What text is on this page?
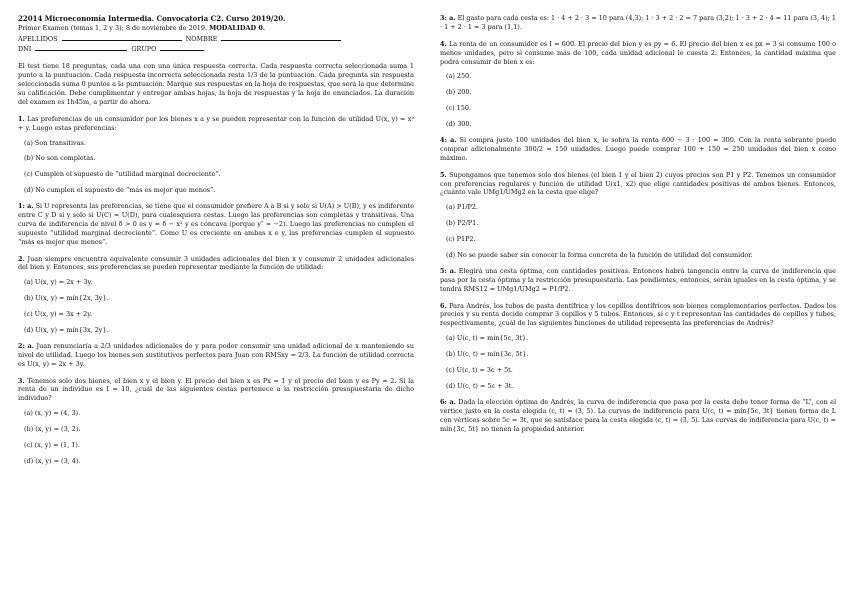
22014 Microeconomía Intermedia. Convocatoria C2. Curso 2019/20.

Primer Examen (temas 1, 2 y 3); 8 de noviembre de 2019. MODALIDAD 0.

APELLIDOS	NOMBRE

DNI	GRUPO

El test tiene 18 preguntas, cada una con una única respuesta correcta. Cada respuesta correcta seleccionada suma 1 punto a la puntuación. Cada respuesta incorrecta seleccionada resta 1/3 de la puntuación. Cada pregunta sin respuesta seleccionada suma 0 puntos a la puntuación. Marque sus respuestas en la hoja de respuestas, que será la que determine su calificación. Debe cumplimentar y entregar ambas hojas, la hoja de respuestas y la hoja de enunciados. La duración del examen es 1h45m, a partir de ahora.

1. Las preferencias de un consumidor por los bienes x a y se pueden representar con la función de utilidad U(x, y) = x² + y. Luego estas preferencias:

(a) Son transitivas.
(b) No son completas.
(c) Cumplen el supuesto de “utilidad marginal decreciente”.
(d) No cumplen el supuesto de “más es mejor que menos”.

1: a. Si U representa las preferencias, se tiene que el consumidor prefiere A a B si y solo si U(A) > U(B), y es indiferente entre C y D si y solo si U(C) = U(D), para cualesquiera cestas. Luego las preferencias son completas y transitivas. Una curva de indiferencia de nivel δ > 0 es y = δ − x² y es cóncava (porque y″ = −2). Luego las preferencias no cumplen el supuesto “utilidad marginal decreciente”. Como U es creciente en ambas x e y, las preferencias cumplen el supuesto “más es mejor que menos”.

2. Juan siempre encuentra equivalente consumir 3 unidades adicionales del bien x y consumir 2 unidades adicionales del bien y. Entonces, sus preferencias se pueden representar mediante la función de utilidad:

(a) U(x, y) = 2x + 3y.
(b) U(x, y) = mín{2x, 3y}.
(c) U(x, y) = 3x + 2y.
(d) U(x, y) = mín{3x, 2y}.

2: a. Juan renunciaría a 2/3 unidades adicionales de y para poder consumir una unidad adicional de x manteniendo su nivel de utilidad. Luego los bienes son sustitutivos perfectos para Juan con RMSxy = 2/3. La función de utilidad correcta es U(x, y) = 2x + 3y.

3. Tenemos solo dos bienes, el bien x y el bien y. El precio del bien x es Px = 1 y el precio del bien y es Py = 2. Si la renta de un individuo es I = 10, ¿cuál de las siguientes cestas pertenece a la restricción presupuestaria de dicho individuo?

(a) (x, y) = (4, 3).
(b) (x, y) = (3, 2).
(c) (x, y) = (1, 1).
(d) (x, y) = (3, 4).

3: a. El gasto para cada cesta es: 1 · 4 + 2 · 3 = 10 para (4,3); 1 · 3 + 2 · 2 = 7 para (3,2); 1 · 3 + 2 · 4 = 11 para (3, 4); 1 · 1 + 2 · 1 = 3 para (1,1).

4. La renta de un consumidor es I = 600. El precio del bien y es py = 6. El precio del bien x es px = 3 si consume 100 o menos unidades, pero si consume más de 100, cada unidad adicional le cuesta 2. Entonces, la cantidad máxima que podrá consumir de bien x es:

(a) 250.
(b) 200.
(c) 150.
(d) 300.

4: a. Si compra justo 100 unidades del bien x, le sobra la renta 600 − 3 · 100 = 300. Con la renta sobrante puede comprar adicionalmente 300/2 = 150 unidades. Luego puede comprar 100 + 150 = 250 unidades del bien x como máximo.

5. Supongamos que tenemos solo dos bienes (el bien 1 y el bien 2) cuyos precios son P1 y P2. Tenemos un consumidor con preferencias regulares y función de utilidad U(x1, x2) que elige cantidades positivas de ambos bienes. Entonces, ¿cuánto vale UMg1/UMg2 en la cesta que elige?

(a) P1/P2.
(b) P2/P1.
(c) P1P2.
(d) No se puede saber sin conocer la forma concreta de la función de utilidad del consumidor.

5: a. Elegirá una cesta óptima, con cantidades positivas. Entonces habrá tangencia entre la curva de indiferencia que pasa por la cesta óptima y la restricción presupuestaria. Las pendientes, entonces, serán iguales en la cesta óptima, y se tendrá RMS12 = UMg1/UMg2 = P1/P2.

6. Para Andrés, los tubos de pasta dentífrica y los cepillos dentífricos son bienes complementarios perfectos. Dados los precios y su renta decide comprar 3 cepillos y 5 tubos. Entonces, si c y t representan las cantidades de cepillos y tubos, respectivamente, ¿cuál de las siguientes funciones de utilidad representa las preferencias de Andrés?

(a) U(c, t) = mín{5c, 3t}.
(b) U(c, t) = mín{3c, 5t}.
(c) U(c, t) = 3c + 5t.
(d) U(c, t) = 5c + 3t.

6: a. Dada la elección óptima de Andrés, la curva de indiferencia que pasa por la cesta debe tener forma de “L”, con el vértice justo en la cesta elegida (c, t) = (3, 5). La curvas de indiferencia para U(c, t) = mín{5c, 3t} tienen forma de L con vértices sobre 5c = 3t, que se satisface para la cesta elegida (c, t) = (3, 5). Las curvas de indiferencia para U(c, t) = mín{3c, 5t} no tienen la propiedad anterior.
